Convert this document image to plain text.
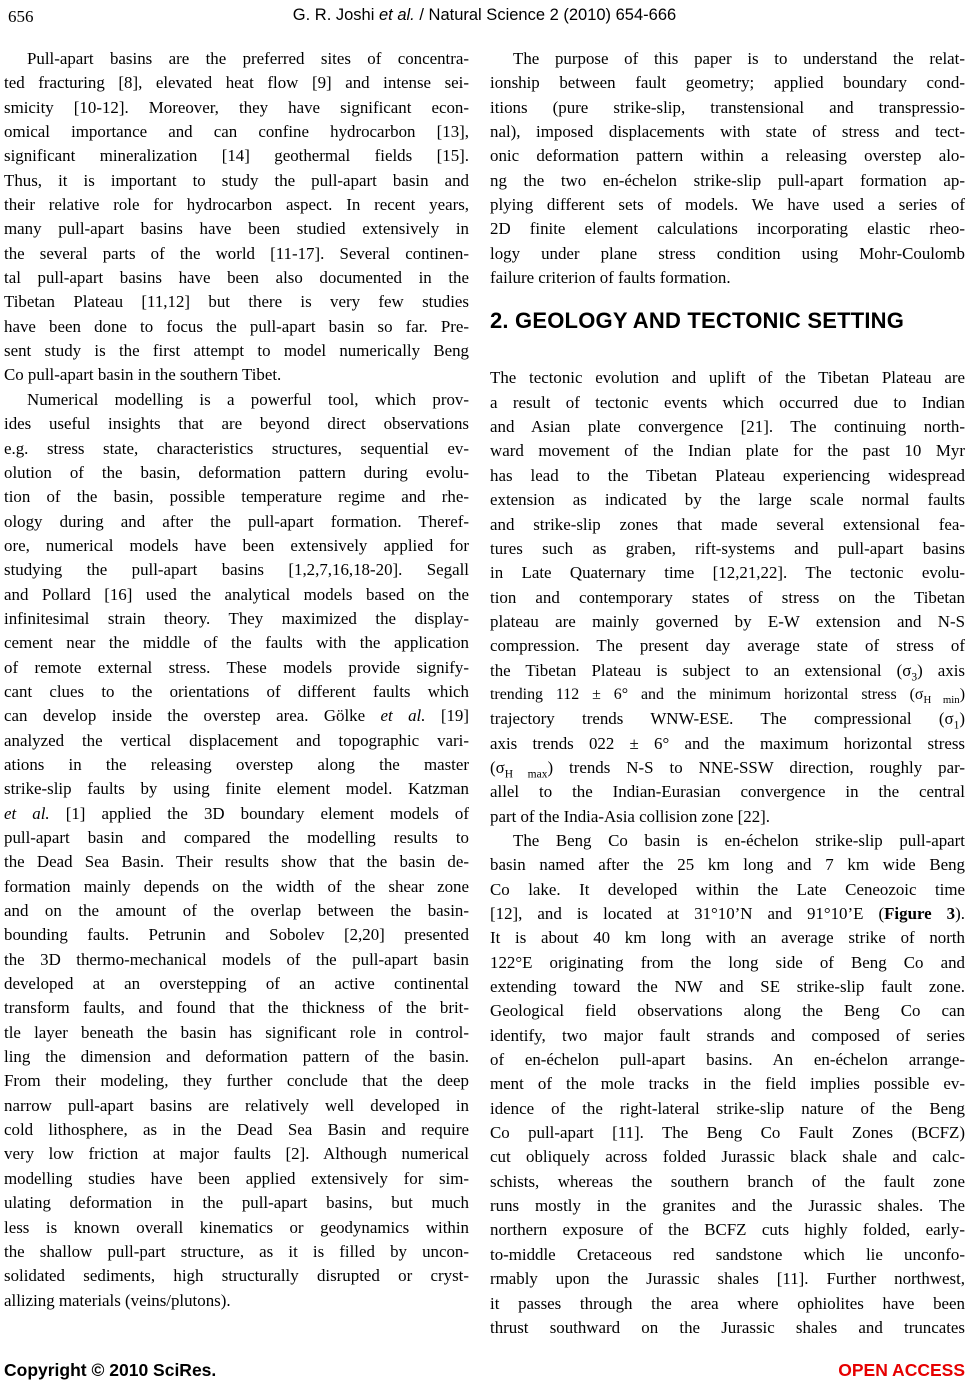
656	G. R. Joshi et al. / Natural Science 2 (2010) 654-666
Pull-apart basins are the preferred sites of concentra-
ted fracturing [8], elevated heat flow [9] and intense sei-
smicity [10-12]. Moreover, they have significant econ-
omical importance and can confine hydrocarbon [13],
significant mineralization [14] geothermal fields [15].
Thus, it is important to study the pull-apart basin and
their relative role for hydrocarbon aspect. In recent years,
many pull-apart basins have been studied extensively in
the several parts of the world [11-17]. Several continen-
tal pull-apart basins have been also documented in the
Tibetan Plateau [11,12] but there is very few studies
have been done to focus the pull-apart basin so far. Pre-
sent study is the first attempt to model numerically Beng
Co pull-apart basin in the southern Tibet.
Numerical modelling is a powerful tool, which prov-
ides useful insights that are beyond direct observations
e.g. stress state, characteristics structures, sequential ev-
olution of the basin, deformation pattern during evolu-
tion of the basin, possible temperature regime and rhe-
ology during and after the pull-apart formation. Theref-
ore, numerical models have been extensively applied for
studying the pull-apart basins [1,2,7,16,18-20]. Segall
and Pollard [16] used the analytical models based on the
infinitesimal strain theory. They maximized the display-
cement near the middle of the faults with the application
of remote external stress. These models provide signify-
cant clues to the orientations of different faults which
can develop inside the overstep area. Gölke et al. [19]
analyzed the vertical displacement and topographic vari-
ations in the releasing overstep along the master
strike-slip faults by using finite element model. Katzman
et al. [1] applied the 3D boundary element models of
pull-apart basin and compared the modelling results to
the Dead Sea Basin. Their results show that the basin de-
formation mainly depends on the width of the shear zone
and on the amount of the overlap between the basin-
bounding faults. Petrunin and Sobolev [2,20] presented
the 3D thermo-mechanical models of the pull-apart basin
developed at an overstepping of an active continental
transform faults, and found that the thickness of the brit-
tle layer beneath the basin has significant role in control-
ling the dimension and deformation pattern of the basin.
From their modeling, they further conclude that the deep
narrow pull-apart basins are relatively well developed in
cold lithosphere, as in the Dead Sea Basin and require
very low friction at major faults [2]. Although numerical
modelling studies have been applied extensively for sim-
ulating deformation in the pull-apart basins, but much
less is known overall kinematics or geodynamics within
the shallow pull-part structure, as it is filled by uncon-
solidated sediments, high structurally disrupted or cryst-
allizing materials (veins/plutons).
The purpose of this paper is to understand the relat-
ionship between fault geometry; applied boundary cond-
itions (pure strike-slip, transtensional and transpressio-
nal), imposed displacements with state of stress and tect-
onic deformation pattern within a releasing overstep alo-
ng the two en-échelon strike-slip pull-apart formation ap-
plying different sets of models. We have used a series of
2D finite element calculations incorporating elastic rheo-
logy under plane stress condition using Mohr-Coulomb
failure criterion of faults formation.
2. GEOLOGY AND TECTONIC SETTING
The tectonic evolution and uplift of the Tibetan Plateau are
a result of tectonic events which occurred due to Indian
and Asian plate convergence [21]. The continuing north-
ward movement of the Indian plate for the past 10 Myr
has lead to the Tibetan Plateau experiencing widespread
extension as indicated by the large scale normal faults
and strike-slip zones that made several extensional fea-
tures such as graben, rift-systems and pull-apart basins
in Late Quaternary time [12,21,22]. The tectonic evolu-
tion and contemporary states of stress on the Tibetan
plateau are mainly governed by E-W extension and N-S
compression. The present day average state of stress of
the Tibetan Plateau is subject to an extensional $(\sigma_3)$ axis
trending 112 ± 6° and the minimum horizontal stress $(\sigma_{H min})$
trajectory trends WNW-ESE. The compressional $(\sigma_1)$
axis trends 022 ± 6° and the maximum horizontal stress
$(\sigma_{H max})$ trends N-S to NNE-SSW direction, roughly par-
allel to the Indian-Eurasian convergence in the central
part of the India-Asia collision zone [22].
The Beng Co basin is en-échelon strike-slip pull-apart
basin named after the 25 km long and 7 km wide Beng
Co lake. It developed within the Late Ceneozoic time
[12], and is located at 31°10’N and 91°10’E (Figure 3).
It is about 40 km long with an average strike of north
122°E originating from the long side of Beng Co and
extending toward the NW and SE strike-slip fault zone.
Geological field observations along the Beng Co can
identify, two major fault strands and composed of series
of en-échelon pull-apart basins. An en-échelon arrange-
ment of the mole tracks in the field implies possible ev-
idence of the right-lateral strike-slip nature of the Beng
Co pull-apart [11]. The Beng Co Fault Zones (BCFZ)
cut obliquely across folded Jurassic black shale and calc-
schists, whereas the southern branch of the fault zone
runs mostly in the granites and the Jurassic shales. The
northern exposure of the BCFZ cuts highly folded, early-
to-middle Cretaceous red sandstone which lie unconfo-
rmably upon the Jurassic shales [11]. Further northwest,
it passes through the area where ophiolites have been
thrust southward on the Jurassic shales and truncates
Copyright © 2010 SciRes.	OPEN ACCESS
